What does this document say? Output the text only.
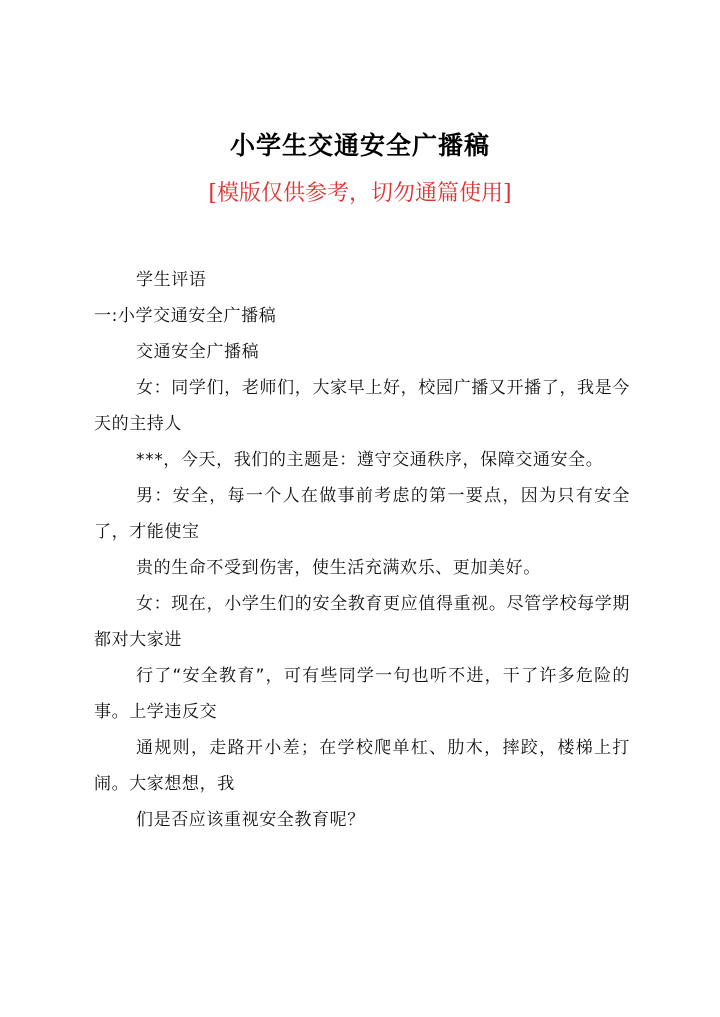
小学生交通安全广播稿
[模版仅供参考，切勿通篇使用]

学生评语

一:小学交通安全广播稿

交通安全广播稿

女：同学们，老师们，大家早上好，校园广播又开播了，我是今天的主持人

***，今天，我们的主题是：遵守交通秩序，保障交通安全。

男：安全，每一个人在做事前考虑的第一要点，因为只有安全了，才能使宝

贵的生命不受到伤害，使生活充满欢乐、更加美好。

女：现在，小学生们的安全教育更应值得重视。尽管学校每学期都对大家进

行了“安全教育”，可有些同学一句也听不进，干了许多危险的事。上学违反交

通规则，走路开小差；在学校爬单杠、肋木，摔跤，楼梯上打闹。大家想想，我

们是否应该重视安全教育呢？
